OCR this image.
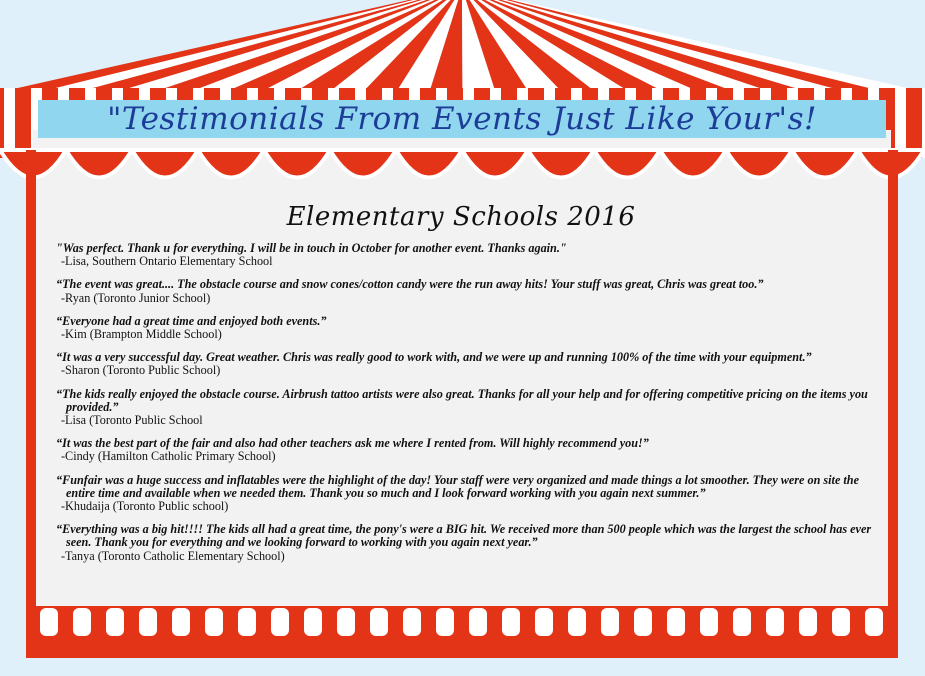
"Testimonials From Events Just Like Your's!
Elementary Schools 2016
"Was perfect. Thank u for everything. I will be in touch in October for another event. Thanks again."
-Lisa, Southern Ontario Elementary School
“The event was great.... The obstacle course and snow cones/cotton candy were the run away hits! Your stuff was great, Chris was great too.”
-Ryan (Toronto Junior School)
“Everyone had a great time and enjoyed both events.”
-Kim (Brampton Middle School)
“It was a very successful day. Great weather. Chris was really good to work with, and we were up and running 100% of the time with your equipment.”
-Sharon (Toronto Public School)
“The kids really enjoyed the obstacle course. Airbrush tattoo artists were also great. Thanks for all your help and for offering competitive pricing on the items you provided.”
-Lisa (Toronto Public School
“It was the best part of the fair and also had other teachers ask me where I rented from. Will highly recommend you!”
-Cindy (Hamilton Catholic Primary School)
“Funfair was a huge success and inflatables were the highlight of the day! Your staff were very organized and made things a lot smoother. They were on site the entire time and available when we needed them. Thank you so much and I look forward working with you again next summer.”
-Khudaija (Toronto Public school)
“Everything was a big hit!!!! The kids all had a great time, the pony's were a BIG hit. We received more than 500 people which was the largest the school has ever seen. Thank you for everything and we looking forward to working with you again next year.”
-Tanya (Toronto Catholic Elementary School)
